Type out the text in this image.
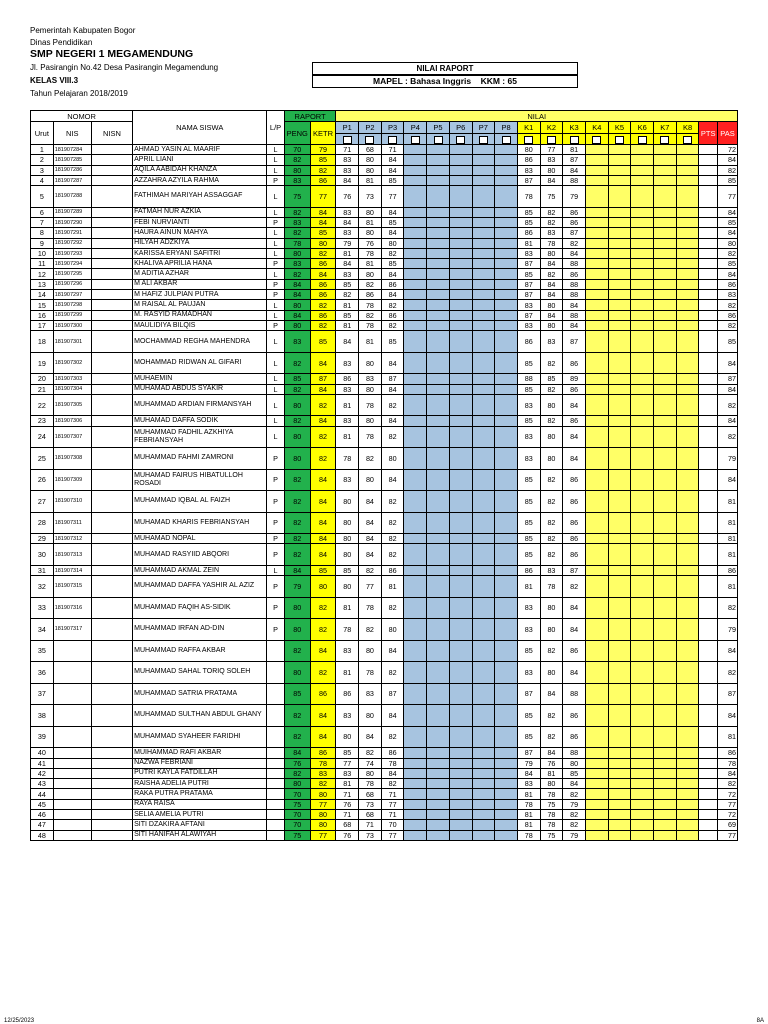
Pemerintah Kabupaten Bogor
Dinas Pendidikan
SMP NEGERI 1 MEGAMENDUNG
Jl. Pasirangin No.42 Desa Pasirangin Megamendung
KELAS VIII.3
Tahun Pelajaran 2018/2019
NILAI RAPORT
MAPEL : Bahasa Inggris KKM : 65
NOMOR			NAMA SISWA	L/P	RAPORT		NILAI																	
Urut	NIS	NISN			PENG	KETR	P1	P2	P3	P4	P5	P6	P7	P8	K1	K2	K3	K4	K5	K6	K7	K8	PTS	PAS

1	181907284		AHMAD YASIN AL MAARIF	L	70	79	71	68	71						80	77	81							72
2	181907285		APRIL LIANI	L	82	85	83	80	84						86	83	87							84
3	181907286		AQILA AABIDAH KHANZA	L	80	82	83	80	84						83	80	84							82
4	181907287		AZZAHRA AZYILA RAHMA	P	83	86	84	81	85						87	84	88							85
5	181907288		FATHIMAH MARIYAH ASSAGGAF	L	75	77	76	73	77						78	75	79							77
6	181907289		FATMAH NUR AZKIA	L	82	84	83	80	84						85	82	86							84
7	181907290		FEBI NURVIANTI	P	83	84	84	81	85						85	82	86							85
8	181907291		HAURA AINUN MAHYA	L	82	85	83	80	84						86	83	87							84
9	181907292		HILYAH ADZKIYA	L	78	80	79	76	80						81	78	82							80
10	181907293		KARISSA ERYANI SAFITRI	L	80	82	81	78	82						83	80	84							82
11	181907294		KHALIVA APRILIA HANA	P	83	86	84	81	85						87	84	88							85
12	181907295		M ADITIA AZHAR	L	82	84	83	80	84						85	82	86							84
13	181907296		M ALI AKBAR	P	84	86	85	82	86						87	84	88							86
14	181907297		M HAFIZ JULPIAN PUTRA	P	84	86	82	86	84						87	84	88							83
15	181907298		M RAISAL AL PAUJAN	L	80	82	81	78	82						83	80	84							82
16	181907299		M. RASYID RAMADHAN	L	84	86	85	82	86						87	84	88							86
17	181907300		MAULIDIYA BILQIS	P	80	82	81	78	82						83	80	84							82
18	181907301		MOCHAMMAD REGHA MAHENDRA	L	83	85	84	81	85						86	83	87							85
19	181907302		MOHAMMAD RIDWAN AL GIFARI	L	82	84	83	80	84						85	82	86							84
20	181907303		MUHAEMIN	L	85	87	86	83	87						88	85	89							87
21	181907304		MUHAMAD ABDUS SYAKIR	L	82	84	83	80	84						85	82	86							84
22	181907305		MUHAMMAD ARDIAN FIRMANSYAH	L	80	82	81	78	82						83	80	84							82
23	181907306		MUHAMAD DAFFA SODIK	L	82	84	83	80	84						85	82	86							84
24	181907307		MUHAMMAD FADHIL AZKHIYA FEBRIANSYAH	L	80	82	81	78	82						83	80	84							82
25	181907308		MUHAMMAD FAHMI ZAMRONI	P	80	82	78	82	80						83	80	84							79
26	181907309		MUHAMAD FAIRUS HIBATULLOH ROSADI	P	82	84	83	80	84						85	82	86							84
27	181907310		MUHAMMAD IQBAL AL FAIZH	P	82	84	80	84	82						85	82	86							81
28	181907311		MUHAMAD KHARIS FEBRIANSYAH	P	82	84	80	84	82						85	82	86							81
29	181907312		MUHAMAD NOPAL	P	82	84	80	84	82						85	82	86							81
30	181907313		MUHAMAD RASYIID ABQORI	P	82	84	80	84	82						85	82	86							81
31	181907314		MUHAMMAD AKMAL ZEIN	L	84	85	85	82	86						86	83	87							86
32	181907315		MUHAMMAD DAFFA YASHIR AL AZIZ	P	79	80	80	77	81						81	78	82							81
33	181907316		MUHAMMAD FAQIH AS-SIDIK	P	80	82	81	78	82						83	80	84							82
34	181907317		MUHAMMAD IRFAN AD-DIN	P	80	82	78	82	80						83	80	84							79
35			MUHAMMAD RAFFA AKBAR		82	84	83	80	84						85	82	86							84
36			MUHAMMAD SAHAL TORIQ SOLEH		80	82	81	78	82						83	80	84							82
37			MUHAMMAD SATRIA PRATAMA		85	86	86	83	87						87	84	88							87
38			MUHAMMAD SULTHAN ABDUL GHANY		82	84	83	80	84						85	82	86							84
39			MUHAMMAD SYAHEER FARIDHI		82	84	80	84	82						85	82	86							81
40			MUIHAMMAD RAFI AKBAR		84	86	85	82	86						87	84	88							86
41			NAZWA FEBRIANI		76	78	77	74	78						79	76	80							78
42			PUTRI KAYLA FATDILLAH		82	83	83	80	84						84	81	85							84
43			RAISHA ADELIA PUTRI		80	82	81	78	82						83	80	84							82
44			RAKA PUTRA PRATAMA		70	80	71	68	71						81	78	82							72
45			RAYA RAISA		75	77	76	73	77						78	75	79							77
46			SELIA AMELIA PUTRI		70	80	71	68	71						81	78	82							72
47			SITI DZAKIRA AFTANI		70	80	68	71	70						81	78	82							69
48			SITI HANIFAH ALAWIYAH		75	77	76	73	77						78	75	79							77
12/25/2023	8A
